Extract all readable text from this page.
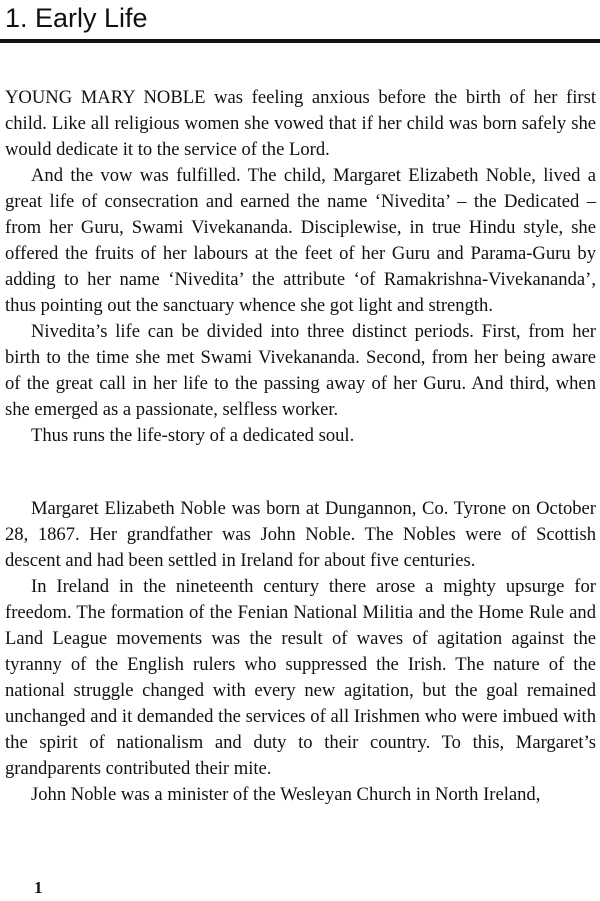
1. Early Life

YOUNG MARY NOBLE was feeling anxious before the birth of her first child. Like all religious women she vowed that if her child was born safely she would dedicate it to the service of the Lord.

And the vow was fulfilled. The child, Margaret Elizabeth Noble, lived a great life of consecration and earned the name ‘Nivedita’ – the Dedicated – from her Guru, Swami Vivekananda. Disciplewise, in true Hindu style, she offered the fruits of her labours at the feet of her Guru and Parama-Guru by adding to her name ‘Nivedita’ the attribute ‘of Ramakrishna-Vivekananda’, thus pointing out the sanctuary whence she got light and strength.

Nivedita’s life can be divided into three distinct periods. First, from her birth to the time she met Swami Vivekananda. Second, from her being aware of the great call in her life to the passing away of her Guru. And third, when she emerged as a passionate, selfless worker.

Thus runs the life-story of a dedicated soul.

Margaret Elizabeth Noble was born at Dungannon, Co. Tyrone on October 28, 1867. Her grandfather was John Noble. The Nobles were of Scottish descent and had been settled in Ireland for about five centuries.

In Ireland in the nineteenth century there arose a mighty upsurge for freedom. The formation of the Fenian National Militia and the Home Rule and Land League movements was the result of waves of agitation against the tyranny of the English rulers who suppressed the Irish. The nature of the national struggle changed with every new agitation, but the goal remained unchanged and it demanded the services of all Irishmen who were imbued with the spirit of nationalism and duty to their country. To this, Margaret’s grandparents contributed their mite.

John Noble was a minister of the Wesleyan Church in North Ireland,

1
